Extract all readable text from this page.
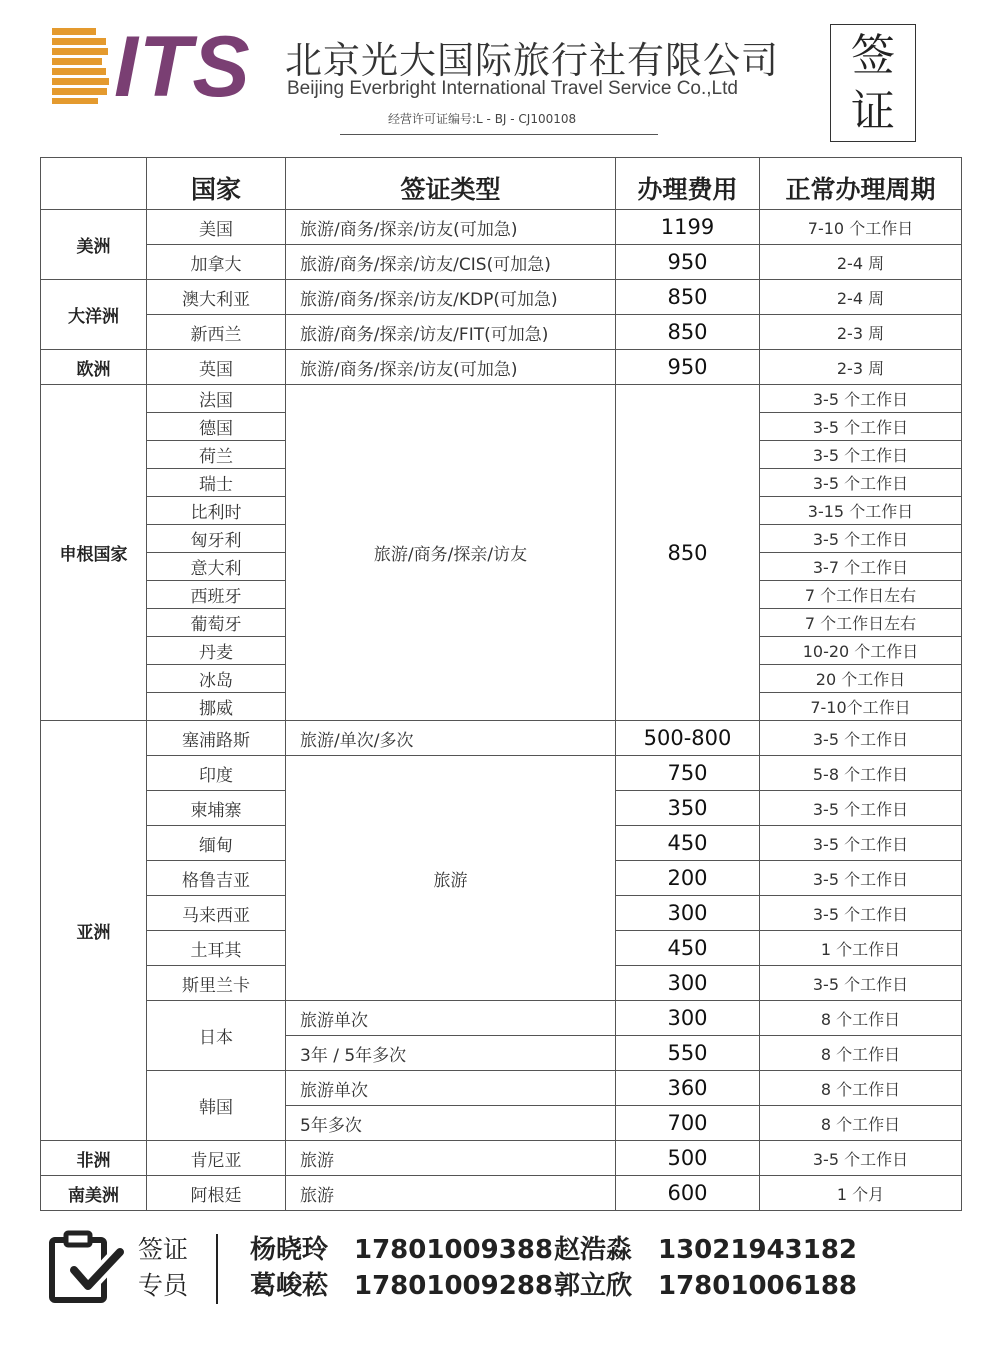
ITS 北京光大国际旅行社有限公司
Beijing Everbright International Travel Service Co.,Ltd
经营许可证编号:L - BJ - CJ100108
签
证
	国家	签证类型	办理费用	正常办理周期
美洲	美国	旅游/商务/探亲/访友(可加急)	1199	7-10 个工作日
	加拿大	旅游/商务/探亲/访友/CIS(可加急)	950	2-4 周
大洋洲	澳大利亚	旅游/商务/探亲/访友/KDP(可加急)	850	2-4 周
	新西兰	旅游/商务/探亲/访友/FIT(可加急)	850	2-3 周
欧洲	英国	旅游/商务/探亲/访友(可加急)	950	2-3 周
申根国家	法国	旅游/商务/探亲/访友	850	3-5 个工作日
	德国			3-5 个工作日
	荷兰			3-5 个工作日
	瑞士			3-5 个工作日
	比利时			3-15 个工作日
	匈牙利			3-5 个工作日
	意大利			3-7 个工作日
	西班牙			7 个工作日左右
	葡萄牙			7 个工作日左右
	丹麦			10-20 个工作日
	冰岛			20 个工作日
	挪威			7-10个工作日
亚洲	塞浦路斯	旅游/单次/多次	500-800	3-5 个工作日
	印度	旅游	750	5-8 个工作日
	柬埔寨		350	3-5 个工作日
	缅甸		450	3-5 个工作日
	格鲁吉亚		200	3-5 个工作日
	马来西亚		300	3-5 个工作日
	土耳其		450	1 个工作日
	斯里兰卡		300	3-5 个工作日
	日本	旅游单次	300	8 个工作日
		3年 / 5年多次	550	8 个工作日
	韩国	旅游单次	360	8 个工作日
		5年多次	700	8 个工作日
非洲	肯尼亚	旅游	500	3-5 个工作日
南美洲	阿根廷	旅游	600	1 个月
签证
专员
杨晓玲 17801009388 赵浩淼 13021943182
葛峻菘 17801009288 郭立欣 17801006188
